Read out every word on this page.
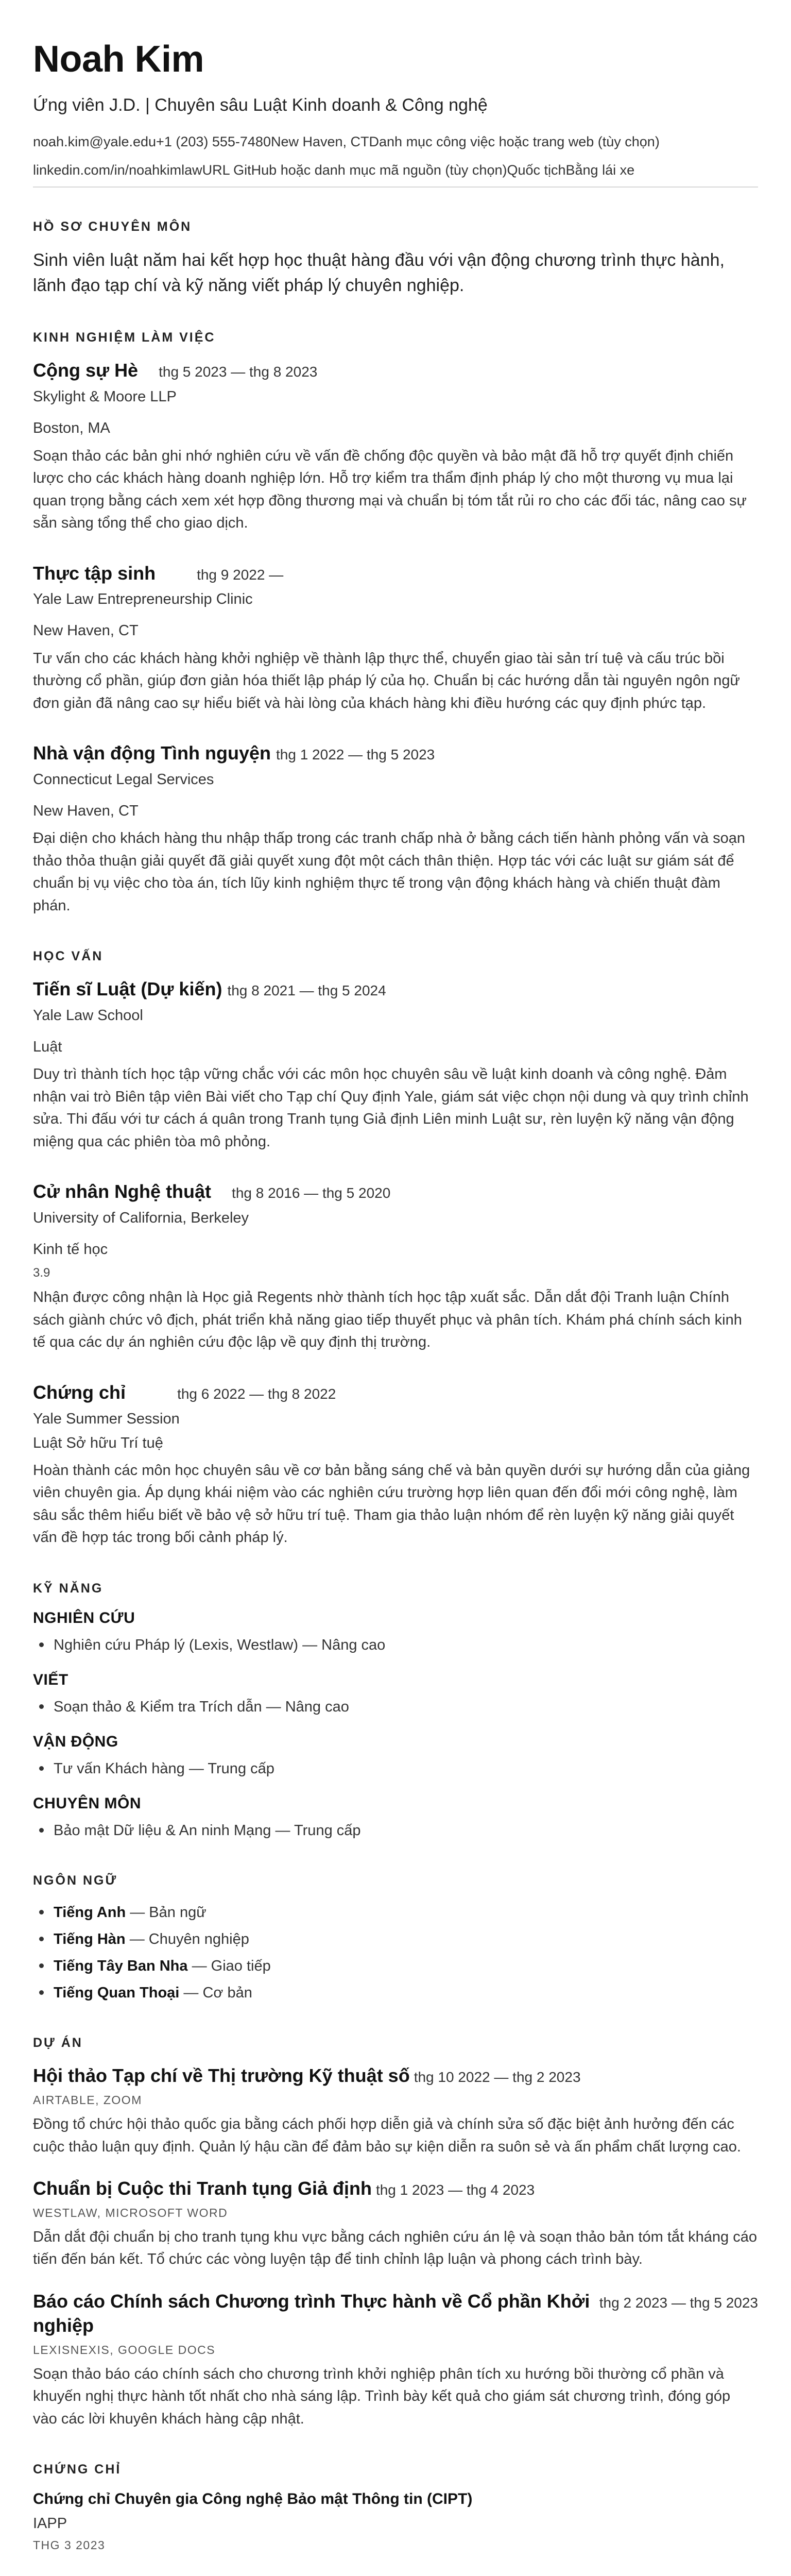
Noah Kim
Ứng viên J.D. | Chuyên sâu Luật Kinh doanh & Công nghệ
noah.kim@yale.edu+1 (203) 555-7480New Haven, CTDanh mục công việc hoặc trang web (tùy chọn)
linkedin.com/in/noahkimlawURL GitHub hoặc danh mục mã nguồn (tùy chọn)Quốc tịchBằng lái xe
HỒ SƠ CHUYÊN MÔN

Sinh viên luật năm hai kết hợp học thuật hàng đầu với vận động chương trình thực hành, lãnh đạo tạp chí và kỹ năng viết pháp lý chuyên nghiệp.

KINH NGHIỆM LÀM VIỆC
Cộng sự Hè thg 5 2023 — thg 8 2023
Skylight & Moore LLP
Boston, MA

Soạn thảo các bản ghi nhớ nghiên cứu về vấn đề chống độc quyền và bảo mật đã hỗ trợ quyết định chiến lược cho các khách hàng doanh nghiệp lớn. Hỗ trợ kiểm tra thẩm định pháp lý cho một thương vụ mua lại quan trọng bằng cách xem xét hợp đồng thương mại và chuẩn bị tóm tắt rủi ro cho các đối tác, nâng cao sự sẵn sàng tổng thể cho giao dịch.

Thực tập sinh	thg 9 2022 —
Yale Law Entrepreneurship Clinic
New Haven, CT

Tư vấn cho các khách hàng khởi nghiệp về thành lập thực thể, chuyển giao tài sản trí tuệ và cấu trúc bồi thường cổ phần, giúp đơn giản hóa thiết lập pháp lý của họ. Chuẩn bị các hướng dẫn tài nguyên ngôn ngữ đơn giản đã nâng cao sự hiểu biết và hài lòng của khách hàng khi điều hướng các quy định phức tạp.

Nhà vận động Tình nguyện thg 1 2022 — thg 5 2023
Connecticut Legal Services
New Haven, CT

Đại diện cho khách hàng thu nhập thấp trong các tranh chấp nhà ở bằng cách tiến hành phỏng vấn và soạn thảo thỏa thuận giải quyết đã giải quyết xung đột một cách thân thiện. Hợp tác với các luật sư giám sát để chuẩn bị vụ việc cho tòa án, tích lũy kinh nghiệm thực tế trong vận động khách hàng và chiến thuật đàm phán.

HỌC VẤN
Tiến sĩ Luật (Dự kiến) thg 8 2021 — thg 5 2024
Yale Law School
Luật

Duy trì thành tích học tập vững chắc với các môn học chuyên sâu về luật kinh doanh và công nghệ. Đảm nhận vai trò Biên tập viên Bài viết cho Tạp chí Quy định Yale, giám sát việc chọn nội dung và quy trình chỉnh sửa. Thi đấu với tư cách á quân trong Tranh tụng Giả định Liên minh Luật sư, rèn luyện kỹ năng vận động miệng qua các phiên tòa mô phỏng.

Cử nhân Nghệ thuật thg 8 2016 — thg 5 2020
University of California, Berkeley
Kinh tế học
3.9

Nhận được công nhận là Học giả Regents nhờ thành tích học tập xuất sắc. Dẫn dắt đội Tranh luận Chính sách giành chức vô địch, phát triển khả năng giao tiếp thuyết phục và phân tích. Khám phá chính sách kinh tế qua các dự án nghiên cứu độc lập về quy định thị trường.

Chứng chỉ	thg 6 2022 — thg 8 2022
Yale Summer Session
Luật Sở hữu Trí tuệ

Hoàn thành các môn học chuyên sâu về cơ bản bằng sáng chế và bản quyền dưới sự hướng dẫn của giảng viên chuyên gia. Áp dụng khái niệm vào các nghiên cứu trường hợp liên quan đến đổi mới công nghệ, làm sâu sắc thêm hiểu biết về bảo vệ sở hữu trí tuệ. Tham gia thảo luận nhóm để rèn luyện kỹ năng giải quyết vấn đề hợp tác trong bối cảnh pháp lý.

KỸ NĂNG
NGHIÊN CỨU
Nghiên cứu Pháp lý (Lexis, Westlaw) — Nâng cao
VIẾT
Soạn thảo & Kiểm tra Trích dẫn — Nâng cao
VẬN ĐỘNG
Tư vấn Khách hàng — Trung cấp
CHUYÊN MÔN
Bảo mật Dữ liệu & An ninh Mạng — Trung cấp
NGÔN NGỮ
Tiếng Anh — Bản ngữ
Tiếng Hàn — Chuyên nghiệp
Tiếng Tây Ban Nha — Giao tiếp
Tiếng Quan Thoại — Cơ bản
DỰ ÁN
Hội thảo Tạp chí về Thị trường Kỹ thuật số thg 10 2022 — thg 2 2023
AIRTABLE, ZOOM

Đồng tổ chức hội thảo quốc gia bằng cách phối hợp diễn giả và chính sửa số đặc biệt ảnh hưởng đến các cuộc thảo luận quy định. Quản lý hậu cần để đảm bảo sự kiện diễn ra suôn sẻ và ấn phẩm chất lượng cao.

Chuẩn bị Cuộc thi Tranh tụng Giả định thg 1 2023 — thg 4 2023
WESTLAW, MICROSOFT WORD

Dẫn dắt đội chuẩn bị cho tranh tụng khu vực bằng cách nghiên cứu án lệ và soạn thảo bản tóm tắt kháng cáo tiến đến bán kết. Tổ chức các vòng luyện tập để tinh chỉnh lập luận và phong cách trình bày.

Báo cáo Chính sách Chương trình Thực hành về Cổ phần Khởi nghiệp
thg 2 2023 — thg 5 2023
LEXISNEXIS, GOOGLE DOCS

Soạn thảo báo cáo chính sách cho chương trình khởi nghiệp phân tích xu hướng bồi thường cổ phần và khuyến nghị thực hành tốt nhất cho nhà sáng lập. Trình bày kết quả cho giám sát chương trình, đóng góp vào các lời khuyên khách hàng cập nhật.

CHỨNG CHỈ
Chứng chỉ Chuyên gia Công nghệ Bảo mật Thông tin (CIPT)
IAPP
THG 3 2023
